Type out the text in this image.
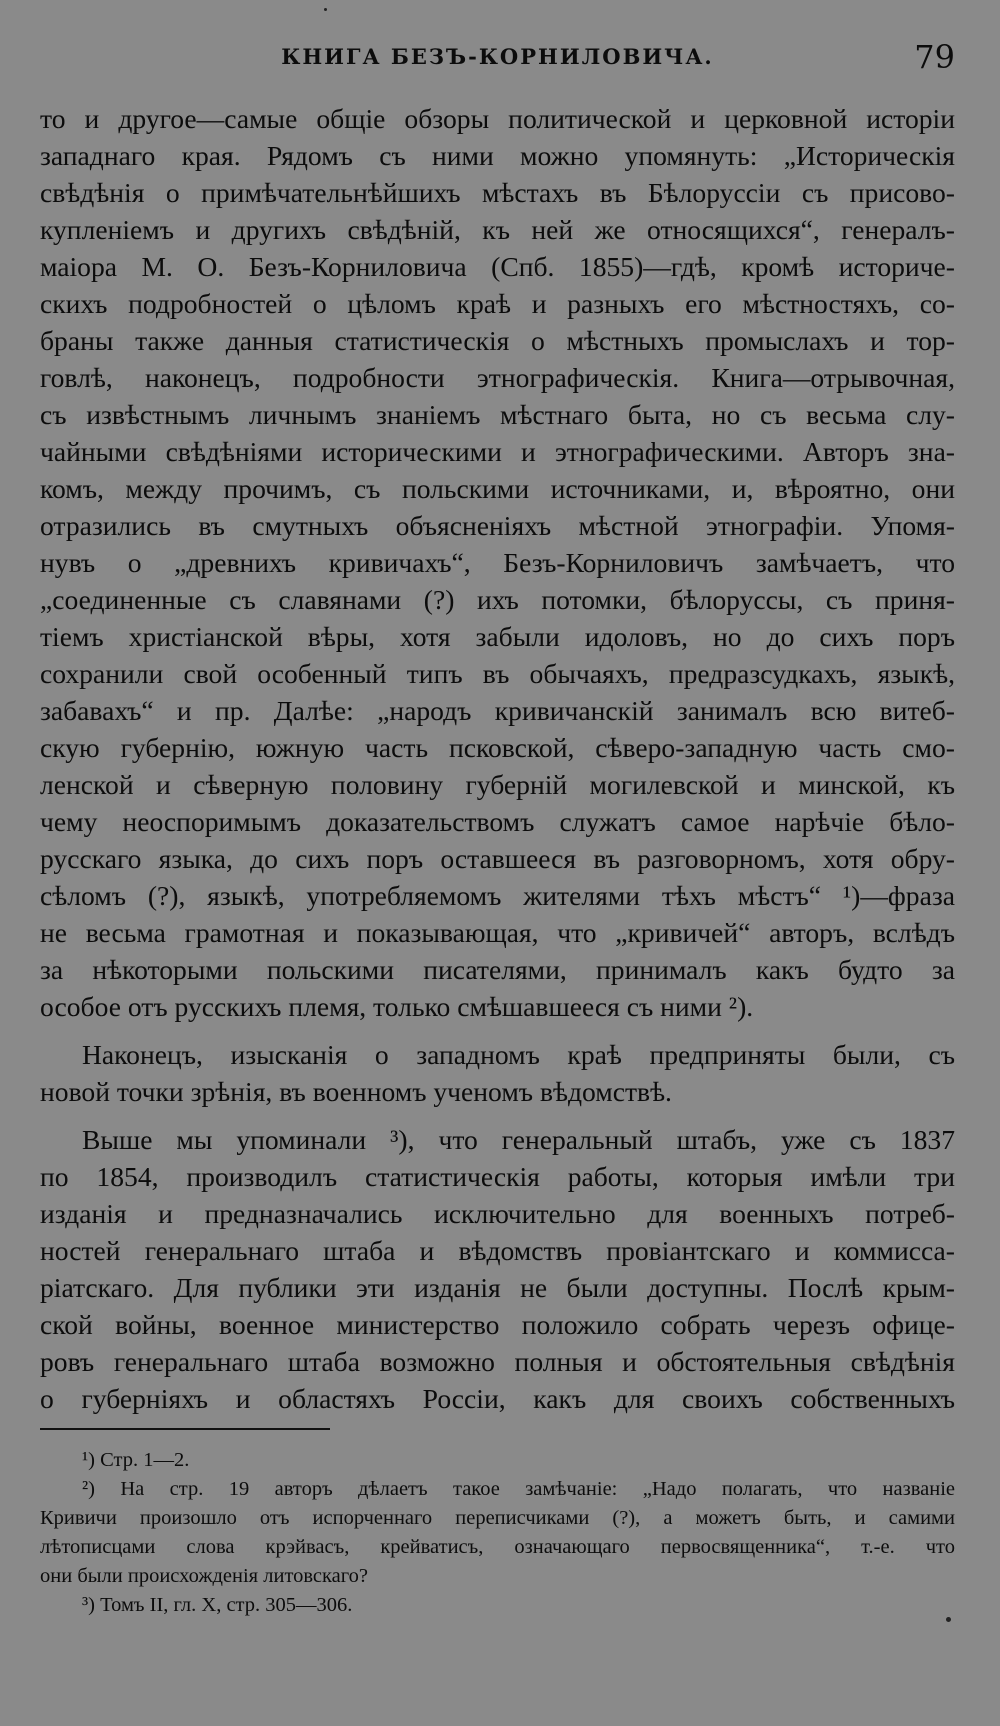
КНИГА БЕЗЪ-КОРНИЛОВИЧА.	79
то и другое—самые общіе обзоры политической и церковной исторіи
западнаго края. Рядомъ съ ними можно упомянуть: „Историческія
свѣдѣнія о примѣчательнѣйшихъ мѣстахъ въ Бѣлоруссіи съ присово-
купленіемъ и другихъ свѣдѣній, къ ней же относящихся“, генералъ-
маіора М. О. Безъ-Корниловича (Спб. 1855)—гдѣ, кромѣ историче-
скихъ подробностей о цѣломъ краѣ и разныхъ его мѣстностяхъ, со-
браны также данныя статистическія о мѣстныхъ промыслахъ и тор-
говлѣ, наконецъ, подробности этнографическія. Книга—отрывочная,
съ извѣстнымъ личнымъ знаніемъ мѣстнаго быта, но съ весьма слу-
чайными свѣдѣніями историческими и этнографическими. Авторъ зна-
комъ, между прочимъ, съ польскими источниками, и, вѣроятно, они
отразились въ смутныхъ объясненіяхъ мѣстной этнографіи. Упомя-
нувъ о „древнихъ кривичахъ“, Безъ-Корниловичъ замѣчаетъ, что
„соединенные съ славянами (?) ихъ потомки, бѣлоруссы, съ приня-
тіемъ христіанской вѣры, хотя забыли идоловъ, но до сихъ поръ
сохранили свой особенный типъ въ обычаяхъ, предразсудкахъ, языкѣ,
забавахъ“ и пр. Далѣе: „народъ кривичанскій занималъ всю витеб-
скую губернію, южную часть псковской, сѣверо-западную часть смо-
ленской и сѣверную половину губерній могилевской и минской, къ
чему неоспоримымъ доказательствомъ служатъ самое нарѣчіе бѣло-
русскаго языка, до сихъ поръ оставшееся въ разговорномъ, хотя обру-
сѣломъ (?), языкѣ, употребляемомъ жителями тѣхъ мѣстъ“ ¹)—фраза
не весьма грамотная и показывающая, что „кривичей“ авторъ, вслѣдъ
за нѣкоторыми польскими писателями, принималъ какъ будто за
особое отъ русскихъ племя, только смѣшавшееся съ ними ²).
Наконецъ, изысканія о западномъ краѣ предприняты были, съ
новой точки зрѣнія, въ военномъ ученомъ вѣдомствѣ.
Выше мы упоминали ³), что генеральный штабъ, уже съ 1837
по 1854, производилъ статистическія работы, которыя имѣли три
изданія и предназначались исключительно для военныхъ потреб-
ностей генеральнаго штаба и вѣдомствъ провіантскаго и коммисса-
ріатскаго. Для публики эти изданія не были доступны. Послѣ крым-
ской войны, военное министерство положило собрать черезъ офице-
ровъ генеральнаго штаба возможно полныя и обстоятельныя свѣдѣнія
о губерніяхъ и областяхъ Россіи, какъ для своихъ собственныхъ
¹) Стр. 1—2.
²) На стр. 19 авторъ дѣлаетъ такое замѣчаніе: „Надо полагать, что названіе
Кривичи произошло отъ испорченнаго переписчиками (?), а можетъ быть, и самими
лѣтописцами слова крэйвасъ, крейватисъ, означающаго первосвященника“, т.-е. что
они были происхожденія литовскаго?
³) Томъ II, гл. X, стр. 305—306.
